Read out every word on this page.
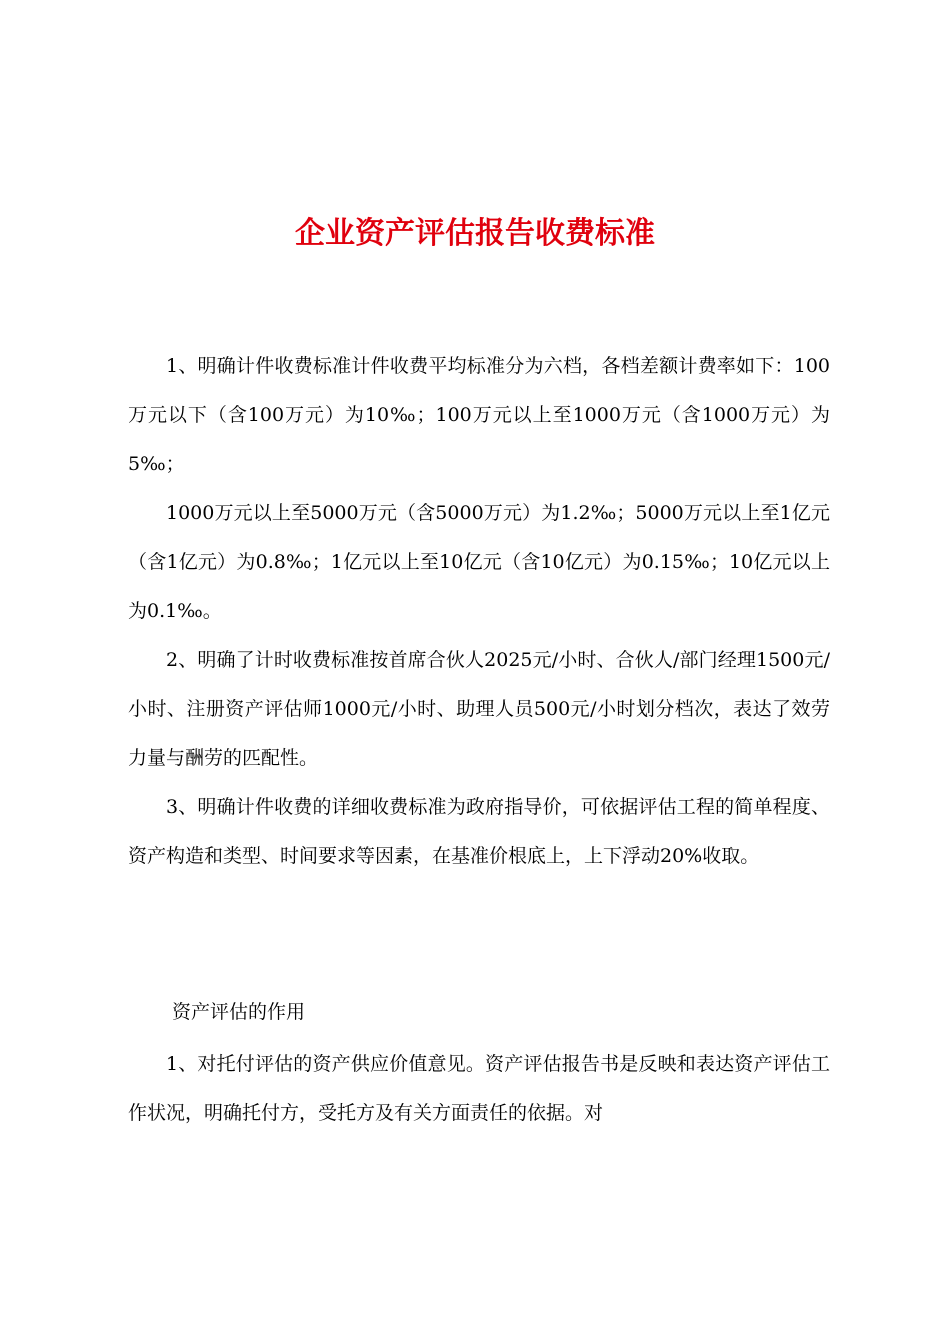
企业资产评估报告收费标准

1、明确计件收费标准计件收费平均标准分为六档，各档差额计费率如下：100万元以下（含100万元）为10‰；100万元以上至1000万元（含1000万元）为5‰；

1000万元以上至5000万元（含5000万元）为1.2‰；5000万元以上至1亿元（含1亿元）为0.8‰；1亿元以上至10亿元（含10亿元）为0.15‰；10亿元以上为0.1‰。

2、明确了计时收费标准按首席合伙人2025元/小时、合伙人/部门经理1500元/小时、注册资产评估师1000元/小时、助理人员500元/小时划分档次，表达了效劳力量与酬劳的匹配性。

3、明确计件收费的详细收费标准为政府指导价，可依据评估工程的简单程度、资产构造和类型、时间要求等因素，在基准价根底上，上下浮动20%收取。

资产评估的作用

1、对托付评估的资产供应价值意见。资产评估报告书是反映和表达资产评估工作状况，明确托付方，受托方及有关方面责任的依据。对
